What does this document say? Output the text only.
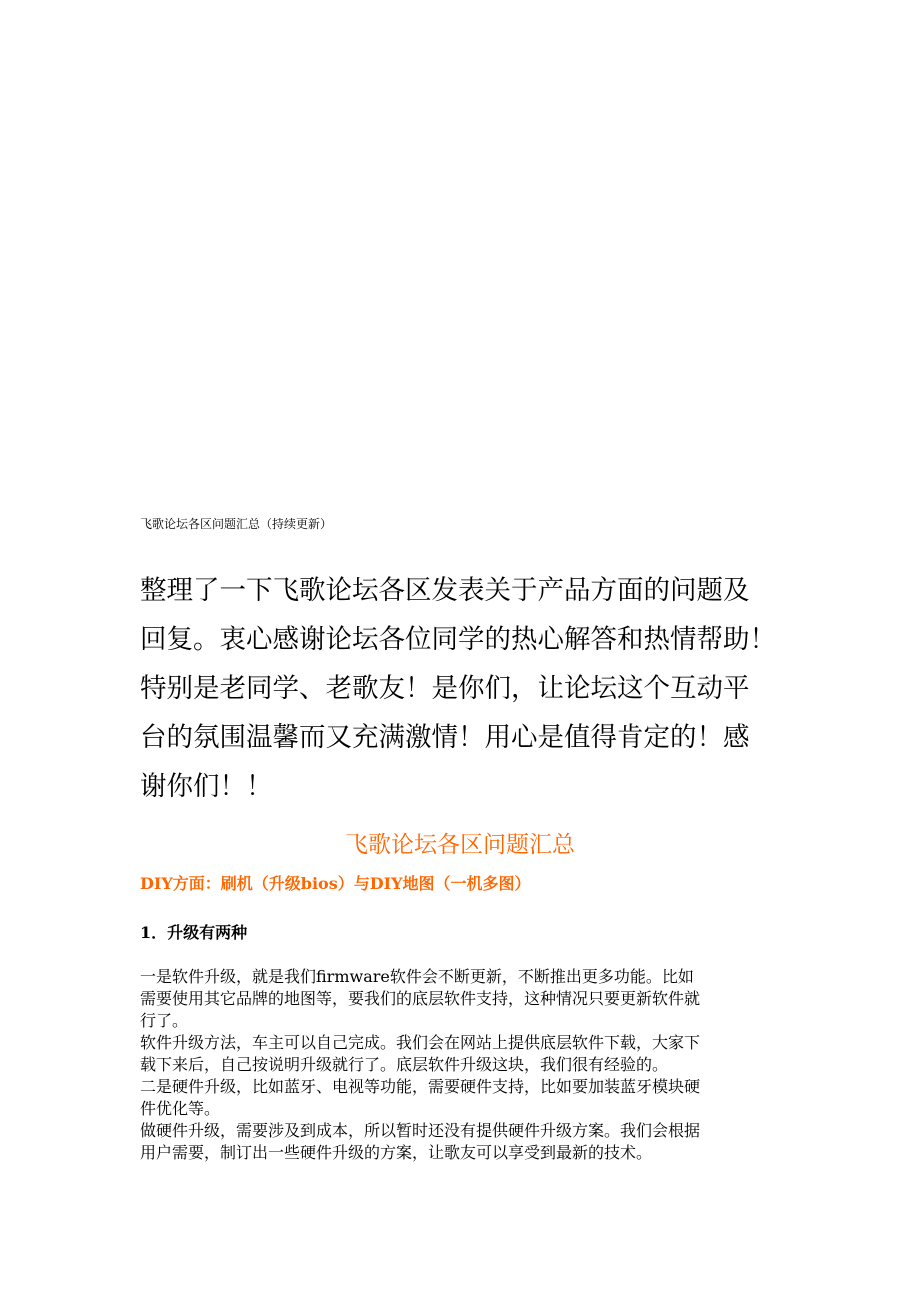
飞歌论坛各区问题汇总（持续更新）

整理了一下飞歌论坛各区发表关于产品方面的问题及
回复。衷心感谢论坛各位同学的热心解答和热情帮助！
特别是老同学、老歌友！是你们，让论坛这个互动平
台的氛围温馨而又充满激情！用心是值得肯定的！感
谢你们！！

飞歌论坛各区问题汇总
DIY方面：刷机（升级bios）与DIY地图（一机多图）
1．升级有两种

一是软件升级，就是我们firmware软件会不断更新，不断推出更多功能。比如
需要使用其它品牌的地图等，要我们的底层软件支持，这种情况只要更新软件就
行了。
软件升级方法，车主可以自己完成。我们会在网站上提供底层软件下载，大家下
载下来后，自己按说明升级就行了。底层软件升级这块，我们很有经验的。
二是硬件升级，比如蓝牙、电视等功能，需要硬件支持，比如要加装蓝牙模块硬
件优化等。
做硬件升级，需要涉及到成本，所以暂时还没有提供硬件升级方案。我们会根据
用户需要，制订出一些硬件升级的方案，让歌友可以享受到最新的技术。
